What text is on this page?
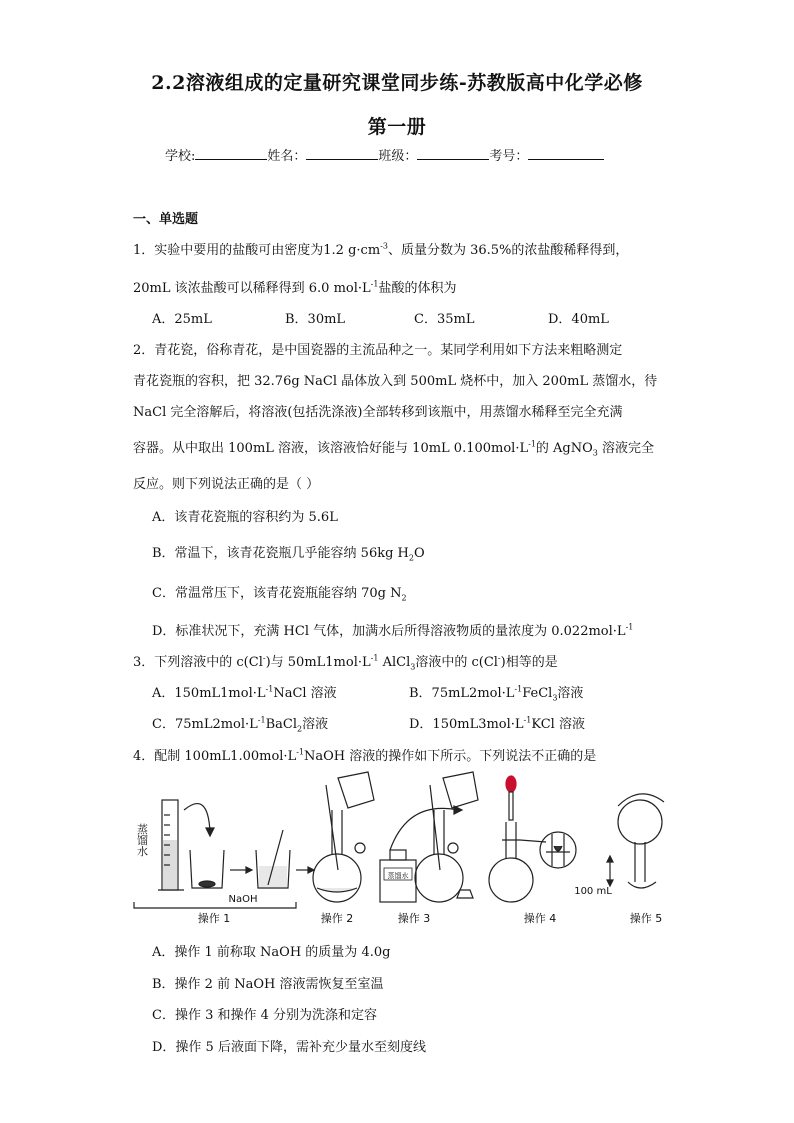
2.2溶液组成的定量研究课堂同步练-苏教版高中化学必修
第一册
学校:	姓名：	班级：	考号：
一、单选题
1．实验中要用的盐酸可由密度为1.2 $g\cdot cm^{-3}$、质量分数为 36.5%的浓盐酸稀释得到，
20mL 该浓盐酸可以稀释得到 6.0 $mol\cdot L^{-1}$盐酸的体积为
A．25mL	B．30mL	C．35mL	D．40mL
2．青花瓷，俗称青花，是中国瓷器的主流品种之一。某同学利用如下方法来粗略测定
青花瓷瓶的容积，把 32.76g NaCl 晶体放入到 500mL 烧杯中，加入 200mL 蒸馏水，待
NaCl 完全溶解后，将溶液(包括洗涤液)全部转移到该瓶中，用蒸馏水稀释至完全充满
容器。从中取出 100mL 溶液，该溶液恰好能与 10mL $0.100mol\cdot L^{-1}$的 AgNO$_3$ 溶液完全
反应。则下列说法正确的是（ ）
A．该青花瓷瓶的容积约为 5.6L
B．常温下，该青花瓷瓶几乎能容纳 56kg $H_2O$
C．常温常压下，该青花瓷瓶能容纳 70g $N_2$
D．标准状况下，充满 HCl 气体，加满水后所得溶液物质的量浓度为 $0.022mol\cdot L^{-1}$
3．下列溶液中的 c(Cl-)与 $50mL1mol\cdot L^{-1}$ AlCl$_3$溶液中的 c(Cl-)相等的是
A．$150mL1mol\cdot L^{-1}NaCl$ 溶液	B．$75mL2mol\cdot L^{-1}FeCl_3$溶液
C．$75mL2mol\cdot L^{-1}BaCl_2$溶液	D．$150mL3mol\cdot L^{-1}KCl$ 溶液
4．配制 $100mL1.00mol\cdot L^{-1}NaOH$ 溶液的操作如下所示。下列说法不正确的是
蒸馏水
NaOH
蒸馏水
100 mL
操作 1	操作 2	操作 3	操作 4	操作 5
A．操作 1 前称取 NaOH 的质量为 4.0g
B．操作 2 前 NaOH 溶液需恢复至室温
C．操作 3 和操作 4 分别为洗涤和定容
D．操作 5 后液面下降，需补充少量水至刻度线
